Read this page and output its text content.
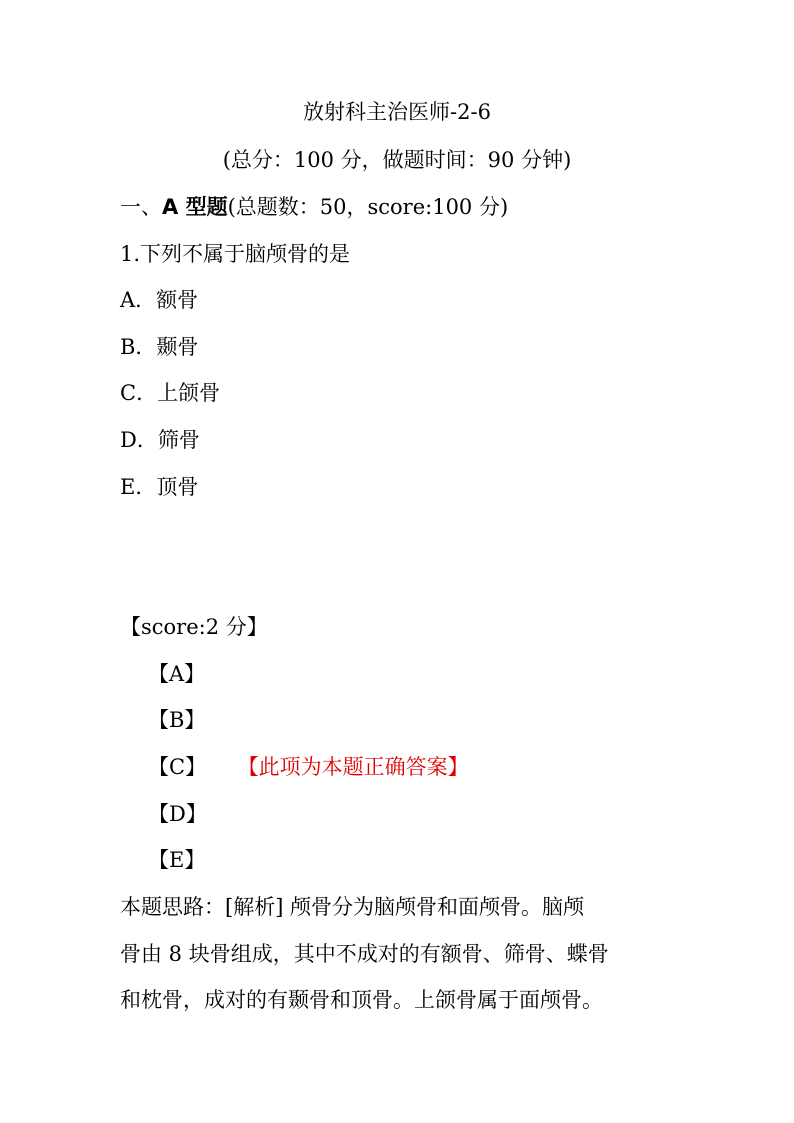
放射科主治医师-2-6
(总分：100 分，做题时间：90 分钟)
一、A 型题(总题数：50，score:100 分)
1.下列不属于脑颅骨的是
A．额骨
B．颞骨
C．上颌骨
D．筛骨
E．顶骨
【score:2 分】
【A】
【B】
【C】 【此项为本题正确答案】
【D】
【E】
本题思路：[解析] 颅骨分为脑颅骨和面颅骨。脑颅
骨由 8 块骨组成，其中不成对的有额骨、筛骨、蝶骨
和枕骨，成对的有颞骨和顶骨。上颌骨属于面颅骨。
